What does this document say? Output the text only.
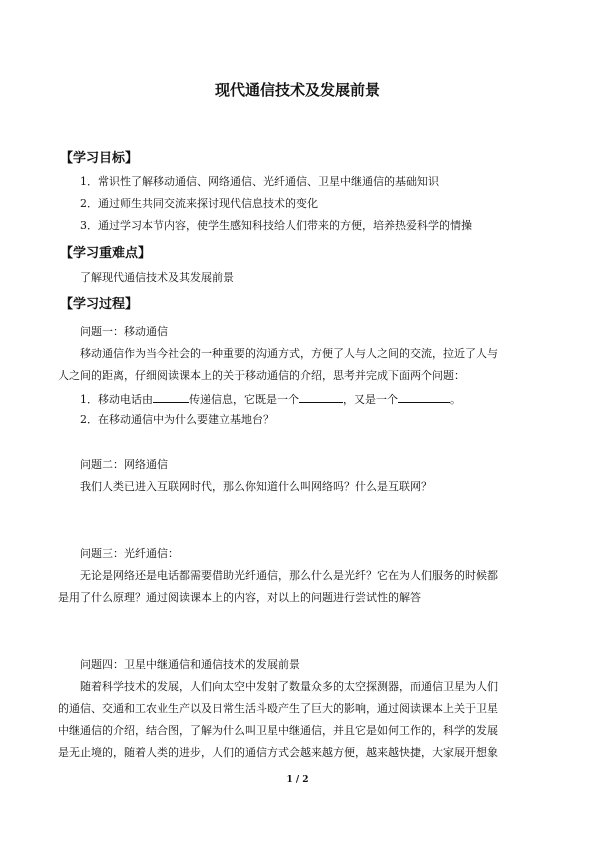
现代通信技术及发展前景
【学习目标】
1．常识性了解移动通信、网络通信、光纤通信、卫星中继通信的基础知识
2．通过师生共同交流来探讨现代信息技术的变化
3．通过学习本节内容，使学生感知科技给人们带来的方便，培养热爱科学的情操
【学习重难点】
了解现代通信技术及其发展前景
【学习过程】
问题一：移动通信
移动通信作为当今社会的一种重要的沟通方式，方便了人与人之间的交流，拉近了人与
人之间的距离，仔细阅读课本上的关于移动通信的介绍，思考并完成下面两个问题：
1．移动电话由	传递信息，它既是一个	，又是一个	。
2．在移动通信中为什么要建立基地台？
问题二：网络通信
我们人类已进入互联网时代，那么你知道什么叫网络吗？什么是互联网？
问题三：光纤通信：
无论是网络还是电话都需要借助光纤通信，那么什么是光纤？它在为人们服务的时候都
是用了什么原理？通过阅读课本上的内容，对以上的问题进行尝试性的解答
问题四：卫星中继通信和通信技术的发展前景
随着科学技术的发展，人们向太空中发射了数量众多的太空探测器，而通信卫星为人们
的通信、交通和工农业生产以及日常生活斗殴产生了巨大的影响，通过阅读课本上关于卫星
中继通信的介绍，结合图，了解为什么叫卫星中继通信，并且它是如何工作的，科学的发展
是无止境的，随着人类的进步，人们的通信方式会越来越方便，越来越快捷，大家展开想象
1 / 2
